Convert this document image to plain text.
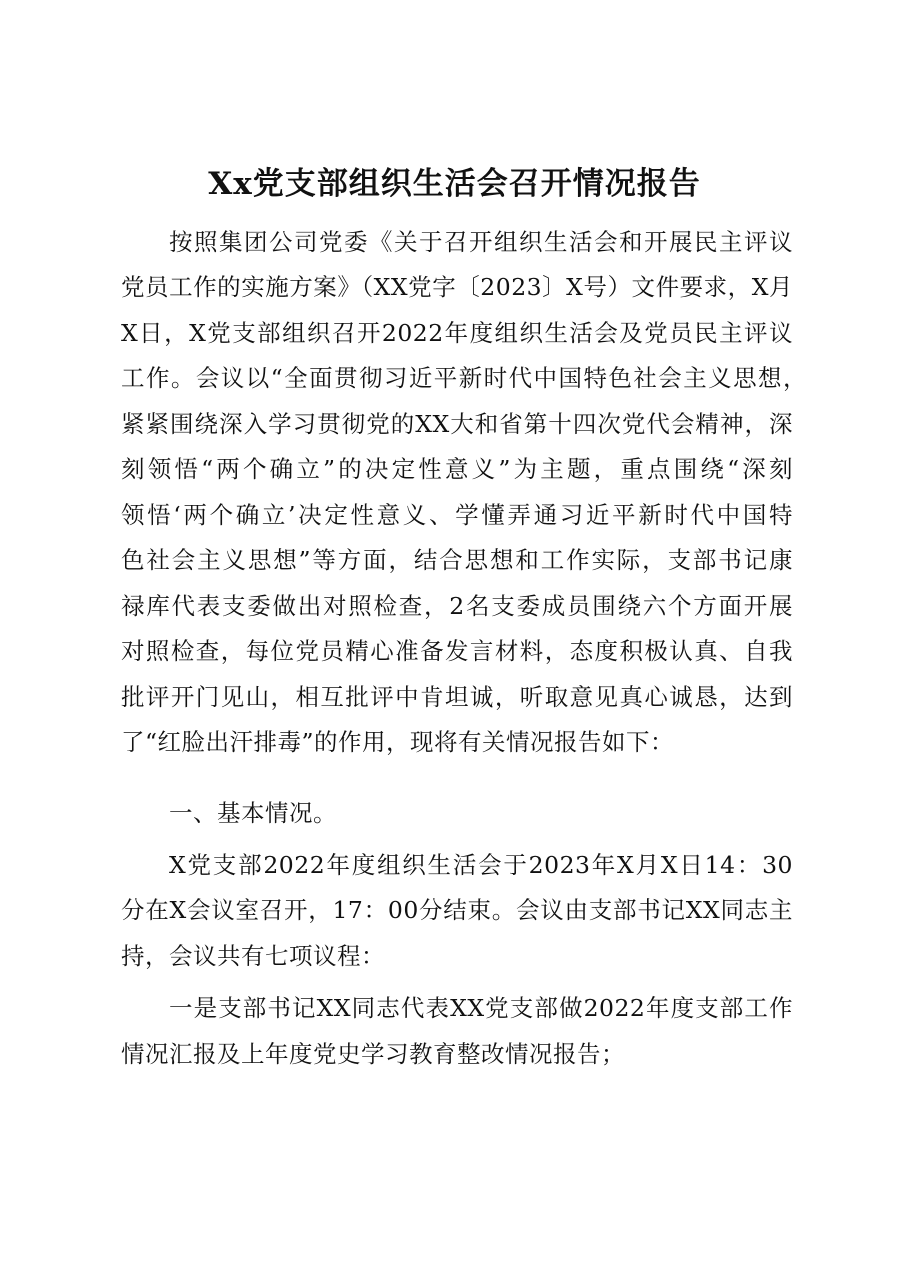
Xx党支部组织生活会召开情况报告
按照集团公司党委《关于召开组织生活会和开展民主评议
党员工作的实施方案》（XX党字〔2023〕X号）文件要求，X月
X日，X党支部组织召开2022年度组织生活会及党员民主评议
工作。会议以“全面贯彻习近平新时代中国特色社会主义思想，
紧紧围绕深入学习贯彻党的XX大和省第十四次党代会精神，深
刻领悟“两个确立”的决定性意义”为主题，重点围绕“深刻
领悟‘两个确立’决定性意义、学懂弄通习近平新时代中国特
色社会主义思想”等方面，结合思想和工作实际，支部书记康
禄库代表支委做出对照检查，2名支委成员围绕六个方面开展
对照检查，每位党员精心准备发言材料，态度积极认真、自我
批评开门见山，相互批评中肯坦诚，听取意见真心诚恳，达到
了“红脸出汗排毒”的作用，现将有关情况报告如下：
一、基本情况。
X党支部2022年度组织生活会于2023年X月X日14：30
分在X会议室召开，17：00分结束。会议由支部书记XX同志主
持，会议共有七项议程：
一是支部书记XX同志代表XX党支部做2022年度支部工作
情况汇报及上年度党史学习教育整改情况报告；
